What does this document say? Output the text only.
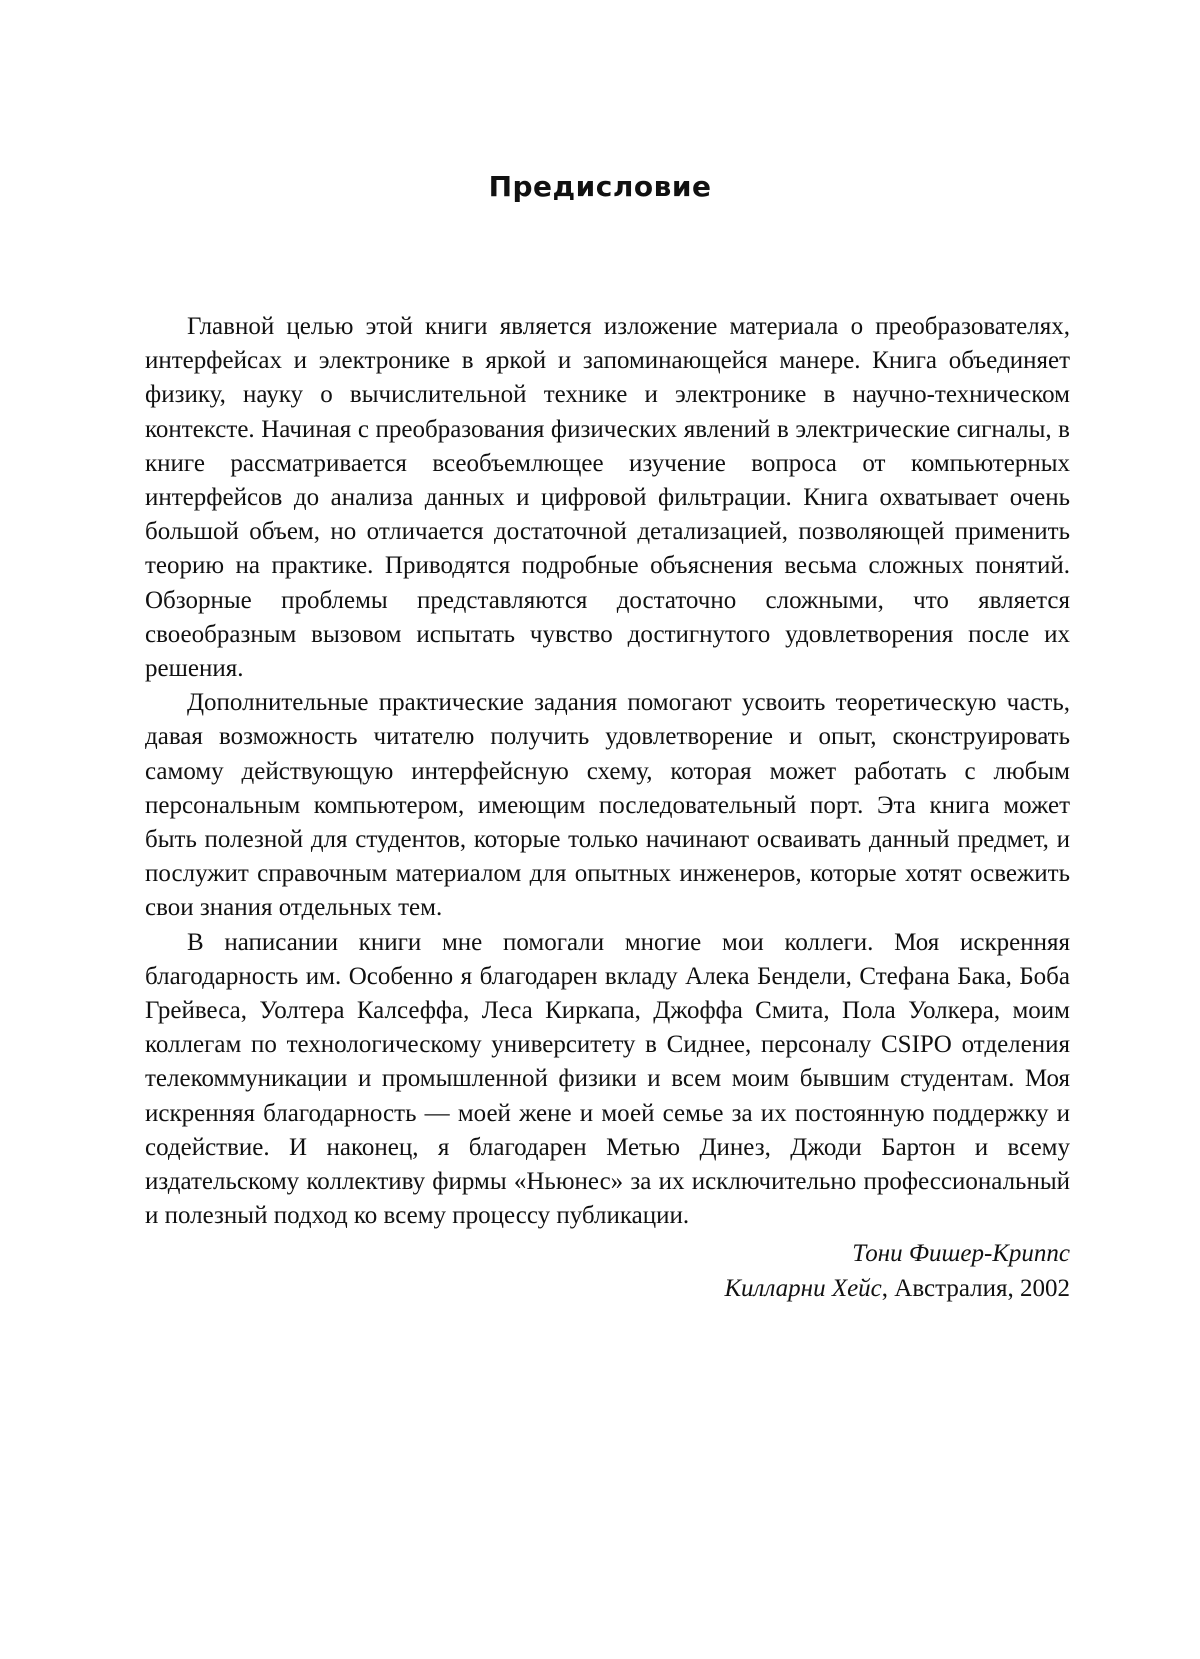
Предисловие

Главной целью этой книги является изложение материала о преобразователях, интерфейсах и электронике в яркой и запоминающейся манере. Книга объединяет физику, науку о вычислительной технике и электронике в научно-техническом контексте. Начиная с преобразования физических явлений в электрические сигналы, в книге рассматривается всеобъемлющее изучение вопроса от компьютерных интерфейсов до анализа данных и цифровой фильтрации. Книга охватывает очень большой объем, но отличается достаточной детализацией, позволяющей применить теорию на практике. Приводятся подробные объяснения весьма сложных понятий. Обзорные проблемы представляются достаточно сложными, что является своеобразным вызовом испытать чувство достигнутого удовлетворения после их решения.

Дополнительные практические задания помогают усвоить теоретическую часть, давая возможность читателю получить удовлетворение и опыт, сконструировать самому действующую интерфейсную схему, которая может работать с любым персональным компьютером, имеющим последовательный порт. Эта книга может быть полезной для студентов, которые только начинают осваивать данный предмет, и послужит справочным материалом для опытных инженеров, которые хотят освежить свои знания отдельных тем.

В написании книги мне помогали многие мои коллеги. Моя искренняя благодарность им. Особенно я благодарен вкладу Алека Бендели, Стефана Бака, Боба Грейвеса, Уолтера Калсеффа, Леса Киркапа, Джоффа Смита, Пола Уолкера, моим коллегам по технологическому университету в Сиднее, персоналу CSIPO отделения телекоммуникации и промышленной физики и всем моим бывшим студентам. Моя искренняя благодарность — моей жене и моей семье за их постоянную поддержку и содействие. И наконец, я благодарен Метью Динез, Джоди Бартон и всему издательскому коллективу фирмы «Ньюнес» за их исключительно профессиональный и полезный подход ко всему процессу публикации.

Тони Фишер-Криппс
Килларни Хейс, Австралия, 2002
